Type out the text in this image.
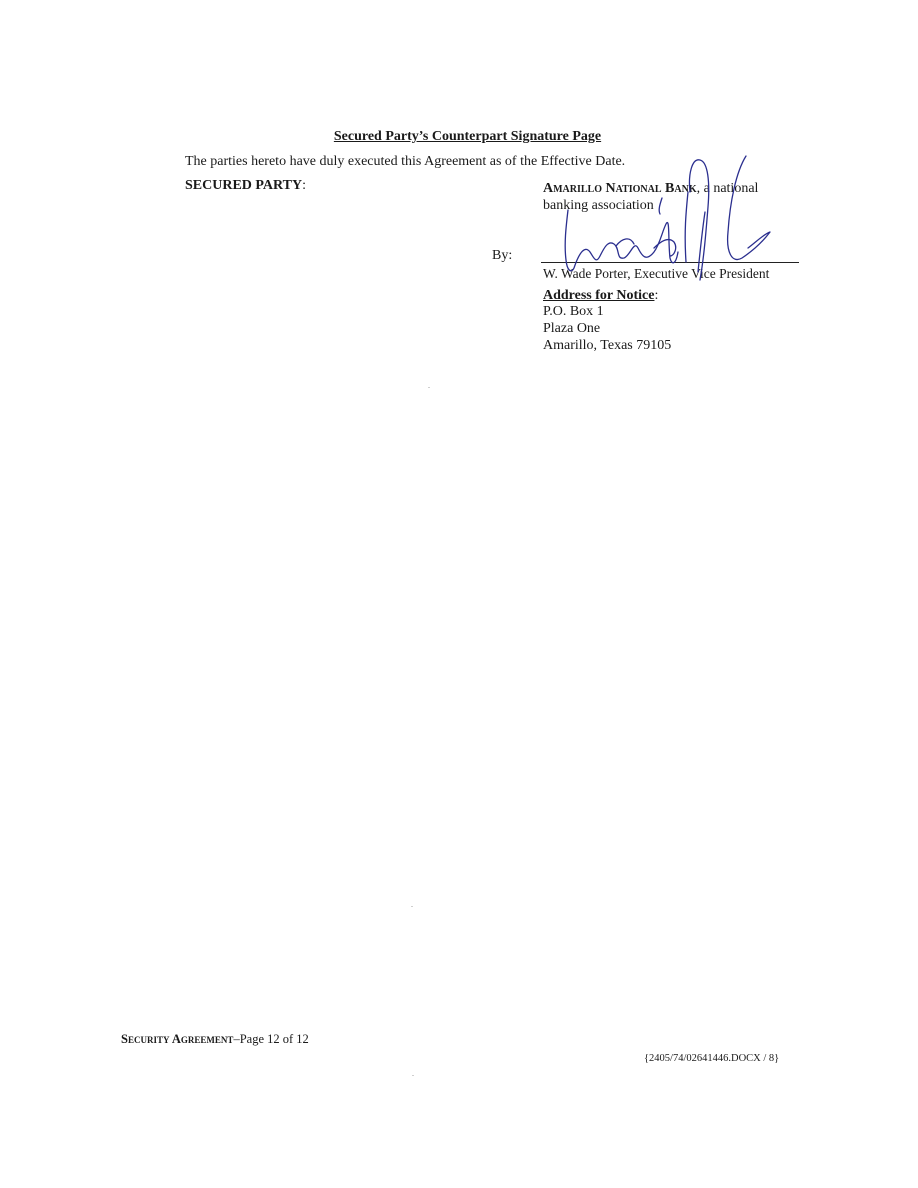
Secured Party’s Counterpart Signature Page
The parties hereto have duly executed this Agreement as of the Effective Date.
SECURED PARTY:	Amarillo National Bank, a national
banking association
By:
W. Wade Porter, Executive Vice President
Address for Notice:
P.O. Box 1
Plaza One
Amarillo, Texas 79105
Security Agreement–Page 12 of 12
{2405/74/02641446.DOCX / 8}
